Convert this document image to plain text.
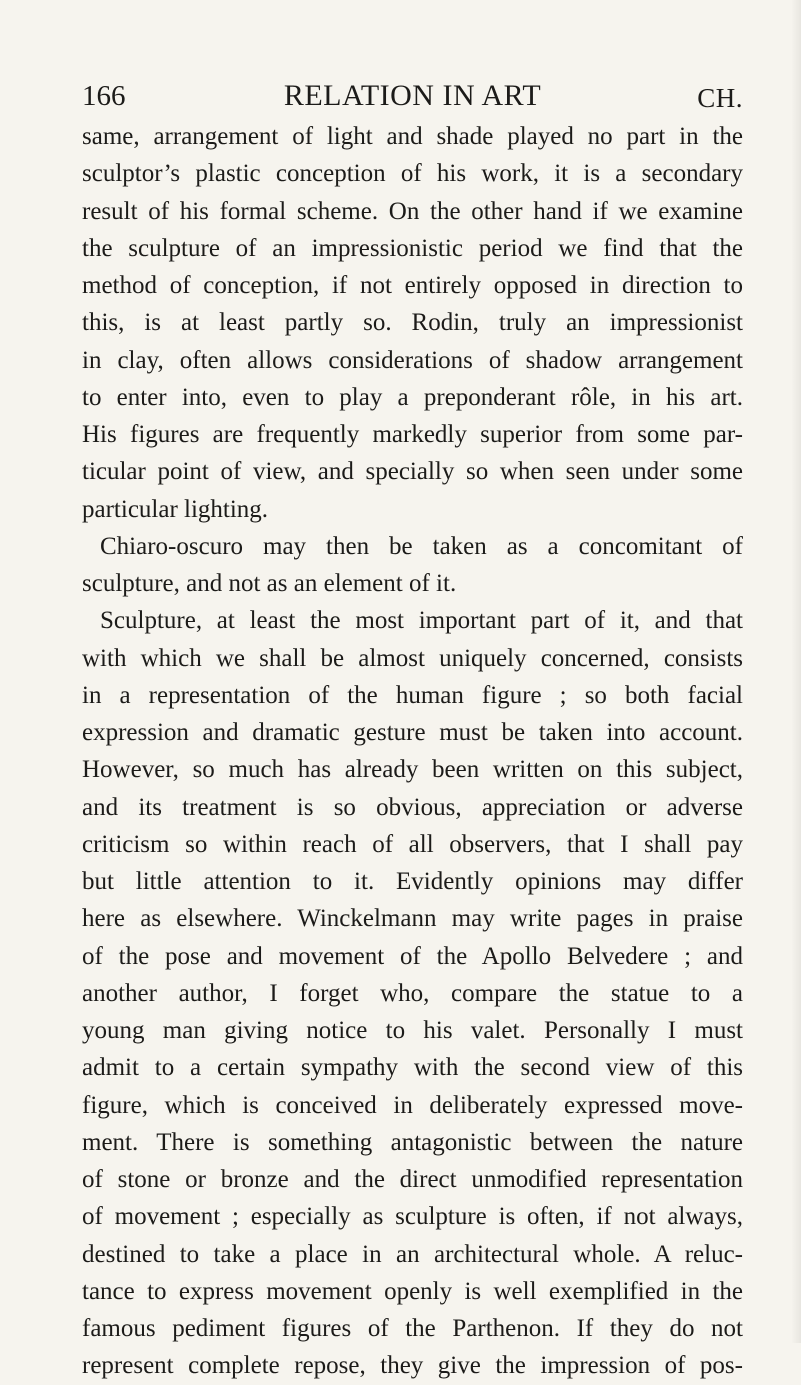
166	RELATION IN ART	CH.
same, arrangement of light and shade played no part in the
sculptor’s plastic conception of his work, it is a secondary
result of his formal scheme. On the other hand if we examine
the sculpture of an impressionistic period we find that the
method of conception, if not entirely opposed in direction to
this, is at least partly so. Rodin, truly an impressionist
in clay, often allows considerations of shadow arrangement
to enter into, even to play a preponderant rôle, in his art.
His figures are frequently markedly superior from some par-
ticular point of view, and specially so when seen under some
particular lighting.
Chiaro-oscuro may then be taken as a concomitant of
sculpture, and not as an element of it.
Sculpture, at least the most important part of it, and that
with which we shall be almost uniquely concerned, consists
in a representation of the human figure ; so both facial
expression and dramatic gesture must be taken into account.
However, so much has already been written on this subject,
and its treatment is so obvious, appreciation or adverse
criticism so within reach of all observers, that I shall pay
but little attention to it. Evidently opinions may differ
here as elsewhere. Winckelmann may write pages in praise
of the pose and movement of the Apollo Belvedere ; and
another author, I forget who, compare the statue to a
young man giving notice to his valet. Personally I must
admit to a certain sympathy with the second view of this
figure, which is conceived in deliberately expressed move-
ment. There is something antagonistic between the nature
of stone or bronze and the direct unmodified representation
of movement ; especially as sculpture is often, if not always,
destined to take a place in an architectural whole. A reluc-
tance to express movement openly is well exemplified in the
famous pediment figures of the Parthenon. If they do not
represent complete repose, they give the impression of pos-
